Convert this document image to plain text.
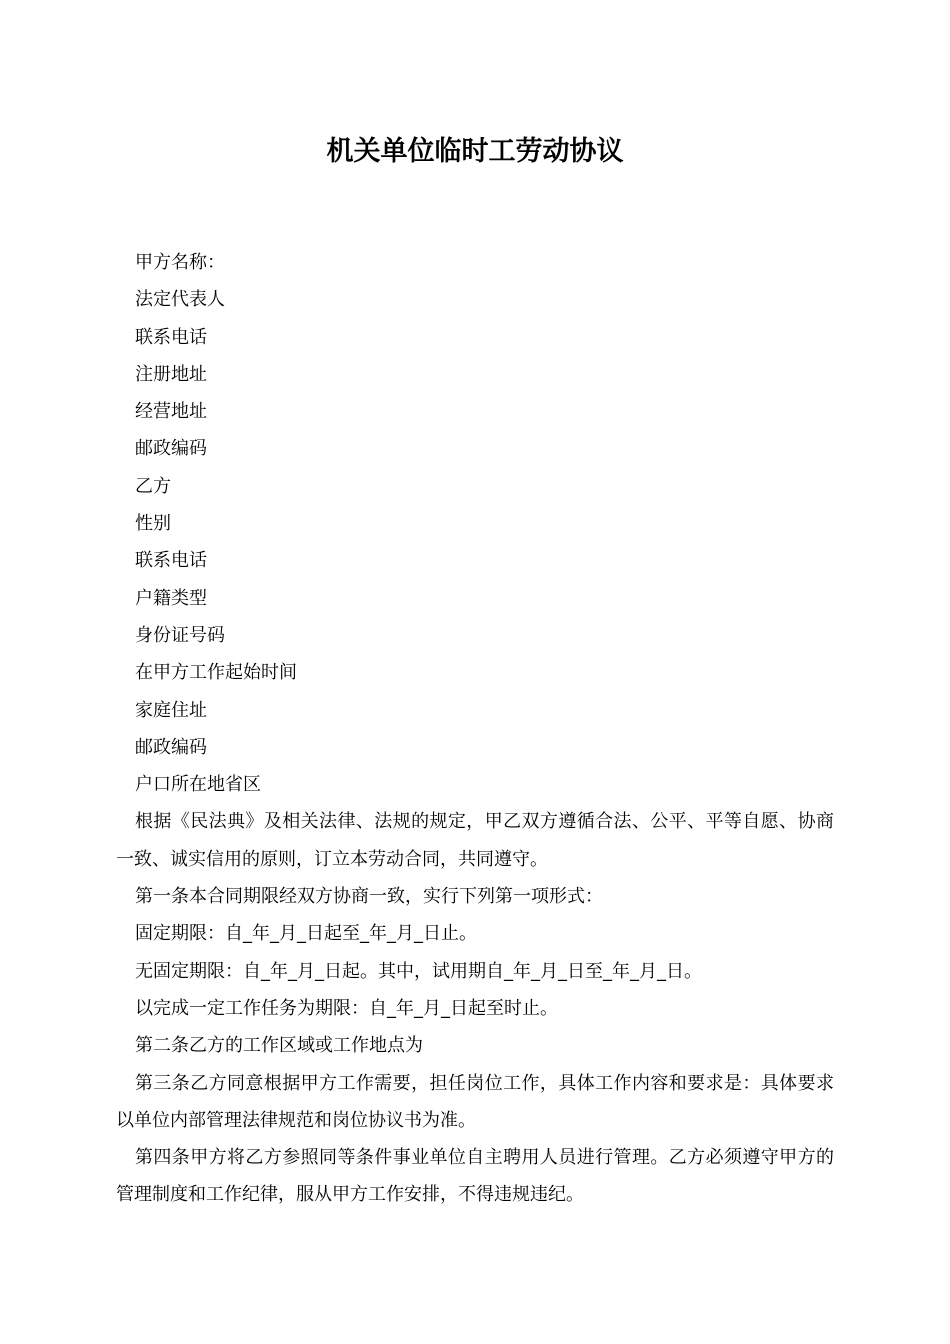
机关单位临时工劳动协议

甲方名称：

法定代表人

联系电话

注册地址

经营地址

邮政编码

乙方

性别

联系电话

户籍类型

身份证号码

在甲方工作起始时间

家庭住址

邮政编码

户口所在地省区

根据《民法典》及相关法律、法规的规定，甲乙双方遵循合法、公平、平等自愿、协商一致、诚实信用的原则，订立本劳动合同，共同遵守。

第一条本合同期限经双方协商一致，实行下列第一项形式：

固定期限：自_年_月_日起至_年_月_日止。

无固定期限：自_年_月_日起。其中，试用期自_年_月_日至_年_月_日。

以完成一定工作任务为期限：自_年_月_日起至时止。

第二条乙方的工作区域或工作地点为

第三条乙方同意根据甲方工作需要，担任岗位工作，具体工作内容和要求是：具体要求以单位内部管理法律规范和岗位协议书为准。

第四条甲方将乙方参照同等条件事业单位自主聘用人员进行管理。乙方必须遵守甲方的管理制度和工作纪律，服从甲方工作安排，不得违规违纪。
